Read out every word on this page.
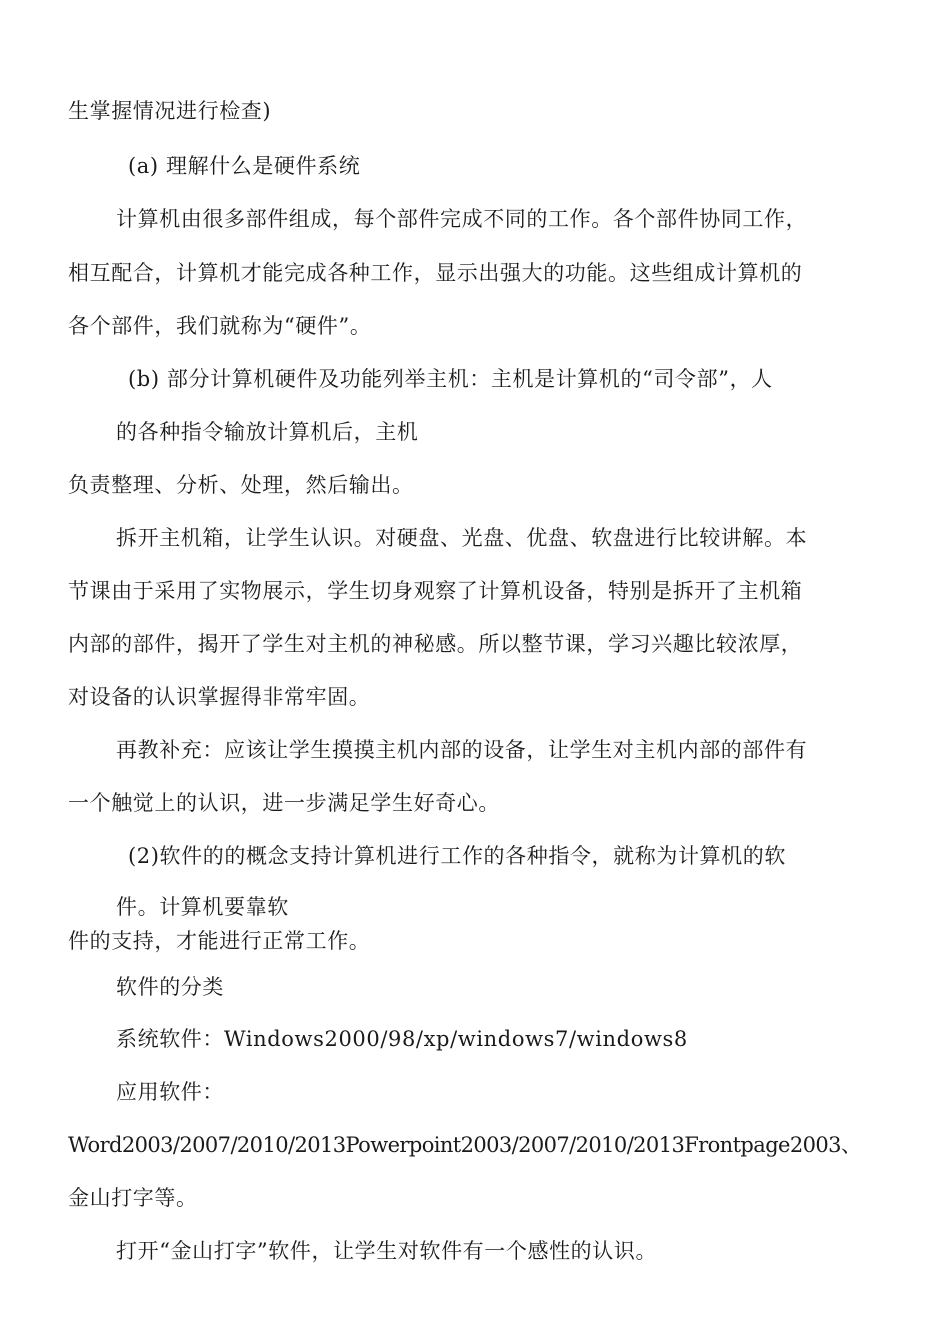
生掌握情况进行检查)
(a) 理解什么是硬件系统
计算机由很多部件组成，每个部件完成不同的工作。各个部件协同工作，
相互配合，计算机才能完成各种工作，显示出强大的功能。这些组成计算机的
各个部件，我们就称为“硬件”。
(b) 部分计算机硬件及功能列举主机：主机是计算机的“司令部”，人
的各种指令输放计算机后，主机
负责整理、分析、处理，然后输出。
拆开主机箱，让学生认识。对硬盘、光盘、优盘、软盘进行比较讲解。本
节课由于采用了实物展示，学生切身观察了计算机设备，特别是拆开了主机箱
内部的部件，揭开了学生对主机的神秘感。所以整节课，学习兴趣比较浓厚，
对设备的认识掌握得非常牢固。
再教补充：应该让学生摸摸主机内部的设备，让学生对主机内部的部件有
一个触觉上的认识，进一步满足学生好奇心。
(2)软件的的概念支持计算机进行工作的各种指令，就称为计算机的软
件。计算机要靠软
件的支持，才能进行正常工作。
软件的分类
系统软件：Windows2000/98/xp/windows7/windows8
应用软件：
Word2003/2007/2010/2013Powerpoint2003/2007/2010/2013Frontpage2003、
金山打字等。
打开“金山打字”软件，让学生对软件有一个感性的认识。
